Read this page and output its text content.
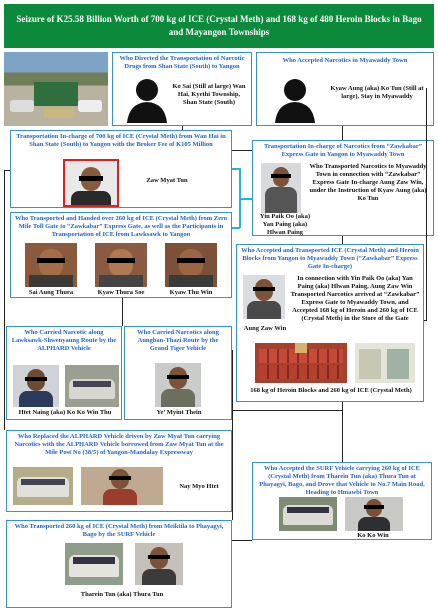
Seizure of K25.58 Billion Worth of 700 kg of ICE (Crystal Meth) and 168 kg of 480 Heroin Blocks in Bago and Mayangon Townships
Who Directed the Transportation of Narcotic Drugs from Shan State (South) to Yangon
Ko Sai (Still at large) Wan Hai, Kyethi Township, Shan State (South)
Who Accepted Narcotics in Myawaddy Town
Kyaw Aung (aka) Ko Tun (Still at large), Stay in Myawaddy
Transportation In-charge of 700 kg of ICE (Crystal Meth) from Wan Hai in Shan State (South) to Yangon with the Broker Fee of K105 Million
Zaw Myat Tun
Transportation In-charge of Narcotics from “Zawkabar” Express Gate in Yangon to Myawaddy Town
Who Transported Narcotics to Myawaddy Town in connection with “Zawkabar” Express Gate In-charge Aung Zaw Win, under the Instruction of Kyaw Aung (aka) Ko Tun
Yin Paik Oo (aka) Yan Paing (aka) Hlwan Paing
Who Transported and Handed over 260 kg of ICE (Crystal Meth) from Zero Mile Toll Gate to “Zawkabar” Express Gate, as well as the Participants in Transportation of ICE from Lawksawk to Yangon
Sai Aung Thura	Kyaw Thura Soe	Kyaw Thu Win
Who Accepted and Transported ICE (Crystal Meth) and Heroin Blocks from Yangon to Myawaddy Town (“Zawkabar” Express Gate In-charge)
In connection with Yin Paik Oo (aka) Yan Paing (aka) Hlwan Paing, Aung Zaw Win Transported Narcotics arrived at “Zawkabar” Express Gate to Myawaddy Town, and Accepted 168 kg of Heroin and 260 kg of ICE (Crystal Meth) in the Store of the Gate
Aung Zaw Win
168 kg of Heroin Blocks and 260 kg of ICE (Crystal Meth)
Who Carried Narcotic along Lawksawk-Shwenyaung Route by the ALPHARD Vehicle
Htet Naing (aka) Ko Ko Win Thu
Who Carried Narcotics along Aungban-Thazi Route by the Grand Tiger Vehicle
Ye’ Myint Thein
Who Replaced the ALPHARD Vehicle driven by Zaw Myat Tun carrying Narcotics with the ALPHARD Vehicle borrowed from Zaw Myat Tun at the Mile Post No (38/5) of Yangon-Mandalay Expressway
Nay Myo Htet
Who Accepted the SURF Vehicle carrying 260 kg of ICE (Crystal Meth) from Tharein Tun (aka) Thura Tun at Phayagyi, Bago, and Drove that Vehicle to No.7 Main Road, Heading to Hmawbi Town
Ko Ko Win
Who Transported 260 kg of ICE (Crystal Meth) from Meiktila to Phayagyi, Bago by the SURF Vehicle
Tharein Tun (aka) Thura Tun
